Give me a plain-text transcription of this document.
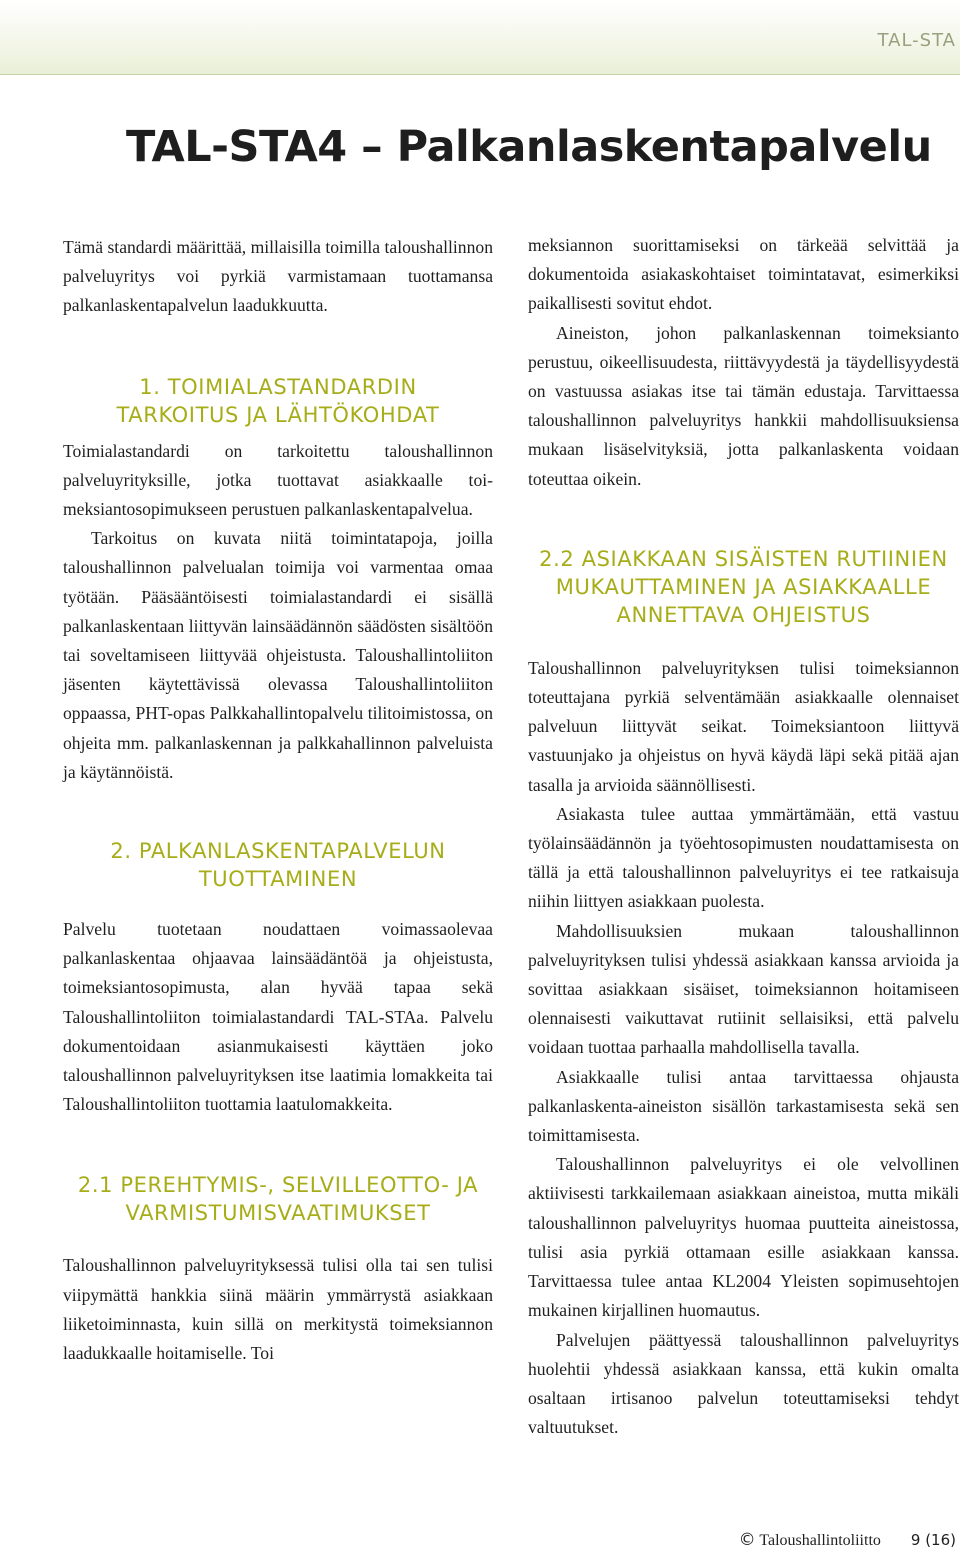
TAL-STA
TAL-STA4 – Palkanlaskentapalvelu

Tämä standardi määrittää, millaisilla toimilla taloushallinnon palveluyritys voi pyrkiä varmistamaan tuottamansa palkanlaskentapalvelun laadukkuutta.

1. TOIMIALASTANDARDIN
TARKOITUS JA LÄHTÖKOHDAT

Toimialastandardi on tarkoitettu taloushallinnon palveluyrityksille, jotka tuottavat asiakkaalle toimeksiantosopimukseen perustuen palkanlaskentapalvelua.

Tarkoitus on kuvata niitä toimintatapoja, joilla taloushallinnon palvelualan toimija voi varmentaa omaa työtään. Pääsääntöisesti toimialastandardi ei sisällä palkanlaskentaan liittyvän lainsäädännön säädösten sisältöön tai soveltamiseen liittyvää ohjeistusta. Taloushallintoliiton jäsenten käytettävissä olevassa Taloushallintoliiton oppaassa, PHT-opas Palkkahallintopalvelu tilitoimistossa, on ohjeita mm. palkanlaskennan ja palkkahallinnon palveluista ja käytännöistä.

2. PALKANLASKENTAPALVELUN
TUOTTAMINEN

Palvelu tuotetaan noudattaen voimassaolevaa palkanlaskentaa ohjaavaa lainsäädäntöä ja ohjeistusta, toimeksiantosopimusta, alan hyvää tapaa sekä Taloushallintoliiton toimialastandardi TAL-STAa. Palvelu dokumentoidaan asianmukaisesti käyttäen joko taloushallinnon palveluyrityksen itse laatimia lomakkeita tai Taloushallintoliiton tuottamia laatulomakkeita.

2.1 PEREHTYMIS-, SELVILLEOTTO- JA
VARMISTUMISVAATIMUKSET

Taloushallinnon palveluyrityksessä tulisi olla tai sen tulisi viipymättä hankkia siinä määrin ymmärrystä asiakkaan liiketoiminnasta, kuin sillä on merkitystä toimeksiannon laadukkaalle hoitamiselle. Toi

meksiannon suorittamiseksi on tärkeää selvittää ja dokumentoida asiakaskohtaiset toimintatavat, esimerkiksi paikallisesti sovitut ehdot.

Aineiston, johon palkanlaskennan toimeksianto perustuu, oikeellisuudesta, riittävyydestä ja täydellisyydestä on vastuussa asiakas itse tai tämän edustaja. Tarvittaessa taloushallinnon palveluyritys hankkii mahdollisuuksiensa mukaan lisäselvityksiä, jotta palkanlaskenta voidaan toteuttaa oikein.

2.2 ASIAKKAAN SISÄISTEN RUTIINIEN
MUKAUTTAMINEN JA ASIAKKAALLE
ANNETTAVA OHJEISTUS

Taloushallinnon palveluyrityksen tulisi toimeksiannon toteuttajana pyrkiä selventämään asiakkaalle olennaiset palveluun liittyvät seikat. Toimeksiantoon liittyvä vastuunjako ja ohjeistus on hyvä käydä läpi sekä pitää ajan tasalla ja arvioida säännöllisesti.

Asiakasta tulee auttaa ymmärtämään, että vastuu työlainsäädännön ja työehtosopimusten noudattamisesta on tällä ja että taloushallinnon palveluyritys ei tee ratkaisuja niihin liittyen asiakkaan puolesta.

Mahdollisuuksien mukaan taloushallinnon palveluyrityksen tulisi yhdessä asiakkaan kanssa arvioida ja sovittaa asiakkaan sisäiset, toimeksiannon hoitamiseen olennaisesti vaikuttavat rutiinit sellaisiksi, että palvelu voidaan tuottaa parhaalla mahdollisella tavalla.

Asiakkaalle tulisi antaa tarvittaessa ohjausta palkanlaskenta-aineiston sisällön tarkastamisesta sekä sen toimittamisesta.

Taloushallinnon palveluyritys ei ole velvollinen aktiivisesti tarkkailemaan asiakkaan aineistoa, mutta mikäli taloushallinnon palveluyritys huomaa puutteita aineistossa, tulisi asia pyrkiä ottamaan esille asiakkaan kanssa. Tarvittaessa tulee antaa KL2004 Yleisten sopimusehtojen mukainen kirjallinen huomautus.

Palvelujen päättyessä taloushallinnon palveluyritys huolehtii yhdessä asiakkaan kanssa, että kukin omalta osaltaan irtisanoo palvelun toteuttamiseksi tehdyt valtuutukset.

© Taloushallintoliitto 9 (16)
